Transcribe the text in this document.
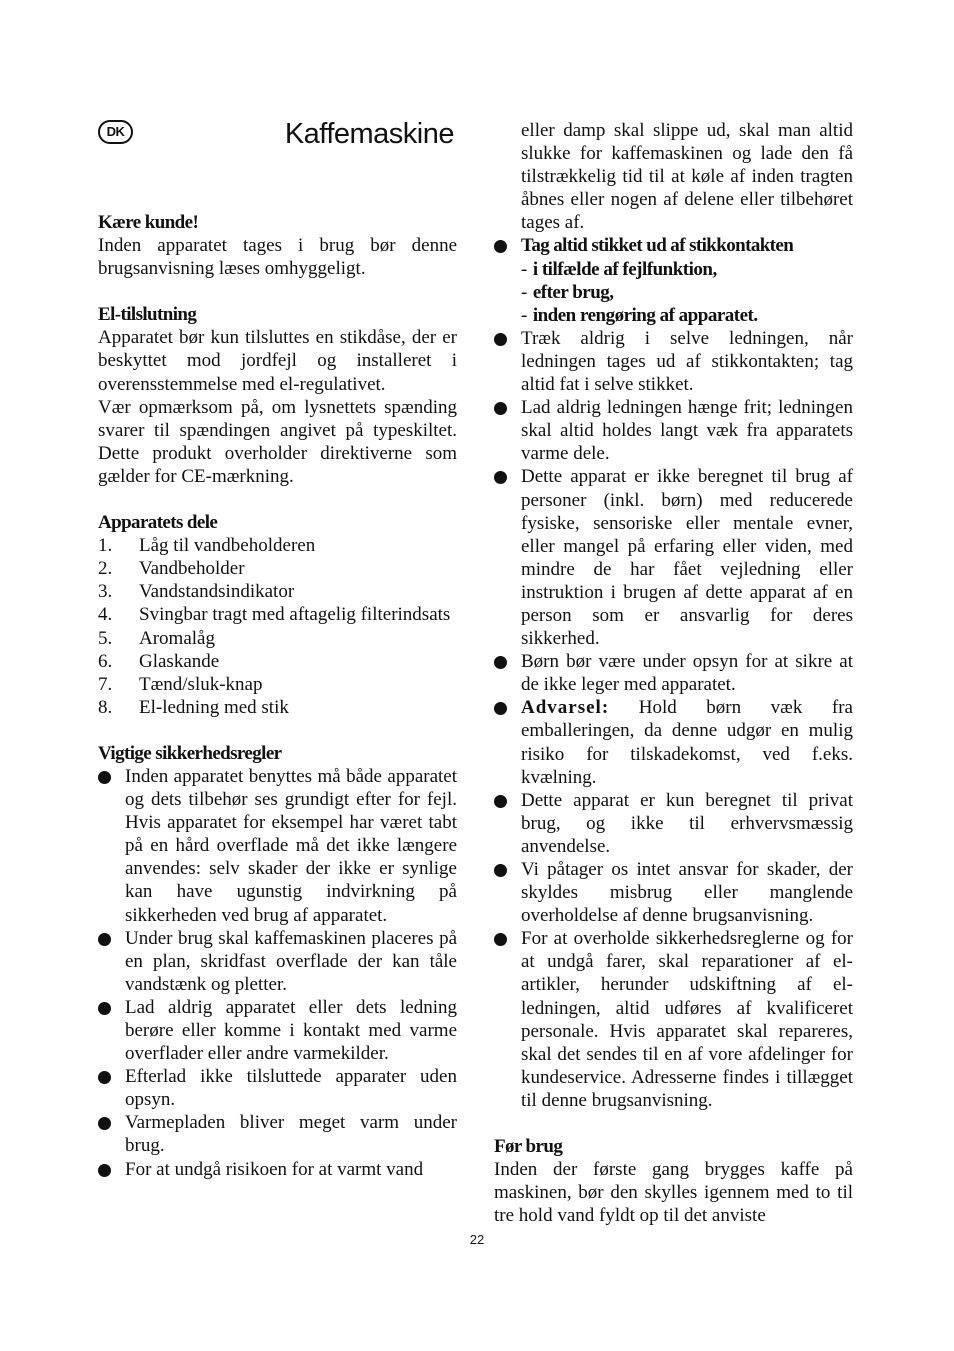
DK	Kaffemaskine

Kære kunde!

Inden apparatet tages i brug bør denne brugsanvisning læses omhyggeligt.

El-tilslutning

Apparatet bør kun tilsluttes en stikdåse, der er beskyttet mod jordfejl og installeret i overensstemmelse med el-regulativet.

Vær opmærksom på, om lysnettets spænding svarer til spændingen angivet på typeskiltet. Dette produkt overholder direktiverne som gælder for CE-mærkning.

Apparatets dele

1. Låg til vandbeholderen
2. Vandbeholder
3. Vandstandsindikator
4. Svingbar tragt med aftagelig filterindsats
5. Aromalåg
6. Glaskande
7. Tænd/sluk-knap
8. El-ledning med stik

Vigtige sikkerhedsregler

Inden apparatet benyttes må både apparatet og dets tilbehør ses grundigt efter for fejl. Hvis apparatet for eksempel har været tabt på en hård overflade må det ikke længere anvendes: selv skader der ikke er synlige kan have ugunstig indvirkning på sikkerheden ved brug af apparatet.
Under brug skal kaffemaskinen placeres på en plan, skridfast overflade der kan tåle vandstænk og pletter.
Lad aldrig apparatet eller dets ledning berøre eller komme i kontakt med varme overflader eller andre varmekilder.
Efterlad ikke tilsluttede apparater uden opsyn.
Varmepladen bliver meget varm under brug.
For at undgå risikoen for at varmt vand

eller damp skal slippe ud, skal man altid slukke for kaffemaskinen og lade den få tilstrækkelig tid til at køle af inden tragten åbnes eller nogen af delene eller tilbehøret tages af.

Tag altid stikket ud af stikkontakten
- i tilfælde af fejlfunktion,
- efter brug,
- inden rengøring af apparatet.
Træk aldrig i selve ledningen, når ledningen tages ud af stikkontakten; tag altid fat i selve stikket.
Lad aldrig ledningen hænge frit; ledningen skal altid holdes langt væk fra apparatets varme dele.
Dette apparat er ikke beregnet til brug af personer (inkl. børn) med reducerede fysiske, sensoriske eller mentale evner, eller mangel på erfaring eller viden, med mindre de har fået vejledning eller instruktion i brugen af dette apparat af en person som er ansvarlig for deres sikkerhed.
Børn bør være under opsyn for at sikre at de ikke leger med apparatet.
Advarsel: Hold børn væk fra emballeringen, da denne udgør en mulig risiko for tilskadekomst, ved f.eks. kvælning.
Dette apparat er kun beregnet til privat brug, og ikke til erhvervsmæssig anvendelse.
Vi påtager os intet ansvar for skader, der skyldes misbrug eller manglende overholdelse af denne brugsanvisning.
For at overholde sikkerhedsreglerne og for at undgå farer, skal reparationer af el-artikler, herunder udskiftning af el-ledningen, altid udføres af kvalificeret personale. Hvis apparatet skal repareres, skal det sendes til en af vore afdelinger for kundeservice. Adresserne findes i tillægget til denne brugsanvisning.

Før brug

Inden der første gang brygges kaffe på maskinen, bør den skylles igennem med to til tre hold vand fyldt op til det anviste

22
